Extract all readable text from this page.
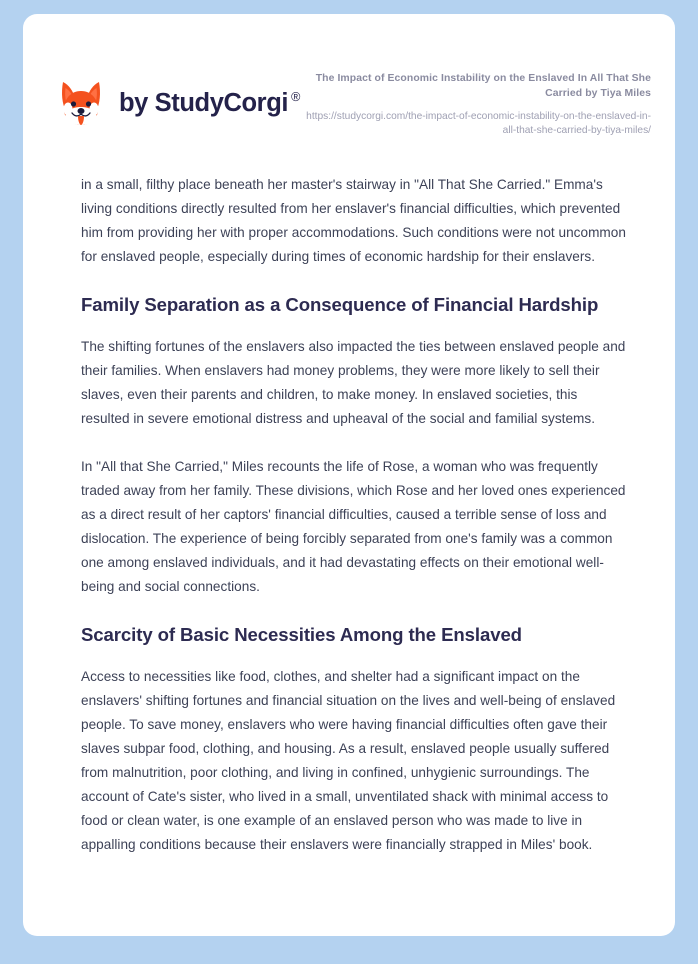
by StudyCorgi ®
The Impact of Economic Instability on the Enslaved In All That She Carried by Tiya Miles
https://studycorgi.com/the-impact-of-economic-instability-on-the-enslaved-in-all-that-she-carried-by-tiya-miles/

in a small, filthy place beneath her master's stairway in "All That She Carried." Emma's living conditions directly resulted from her enslaver's financial difficulties, which prevented him from providing her with proper accommodations. Such conditions were not uncommon for enslaved people, especially during times of economic hardship for their enslavers.

Family Separation as a Consequence of Financial Hardship

The shifting fortunes of the enslavers also impacted the ties between enslaved people and their families. When enslavers had money problems, they were more likely to sell their slaves, even their parents and children, to make money. In enslaved societies, this resulted in severe emotional distress and upheaval of the social and familial systems.

In "All that She Carried," Miles recounts the life of Rose, a woman who was frequently traded away from her family. These divisions, which Rose and her loved ones experienced as a direct result of her captors' financial difficulties, caused a terrible sense of loss and dislocation. The experience of being forcibly separated from one's family was a common one among enslaved individuals, and it had devastating effects on their emotional well-being and social connections.

Scarcity of Basic Necessities Among the Enslaved

Access to necessities like food, clothes, and shelter had a significant impact on the enslavers' shifting fortunes and financial situation on the lives and well-being of enslaved people. To save money, enslavers who were having financial difficulties often gave their slaves subpar food, clothing, and housing. As a result, enslaved people usually suffered from malnutrition, poor clothing, and living in confined, unhygienic surroundings. The account of Cate's sister, who lived in a small, unventilated shack with minimal access to food or clean water, is one example of an enslaved person who was made to live in appalling conditions because their enslavers were financially strapped in Miles' book.
